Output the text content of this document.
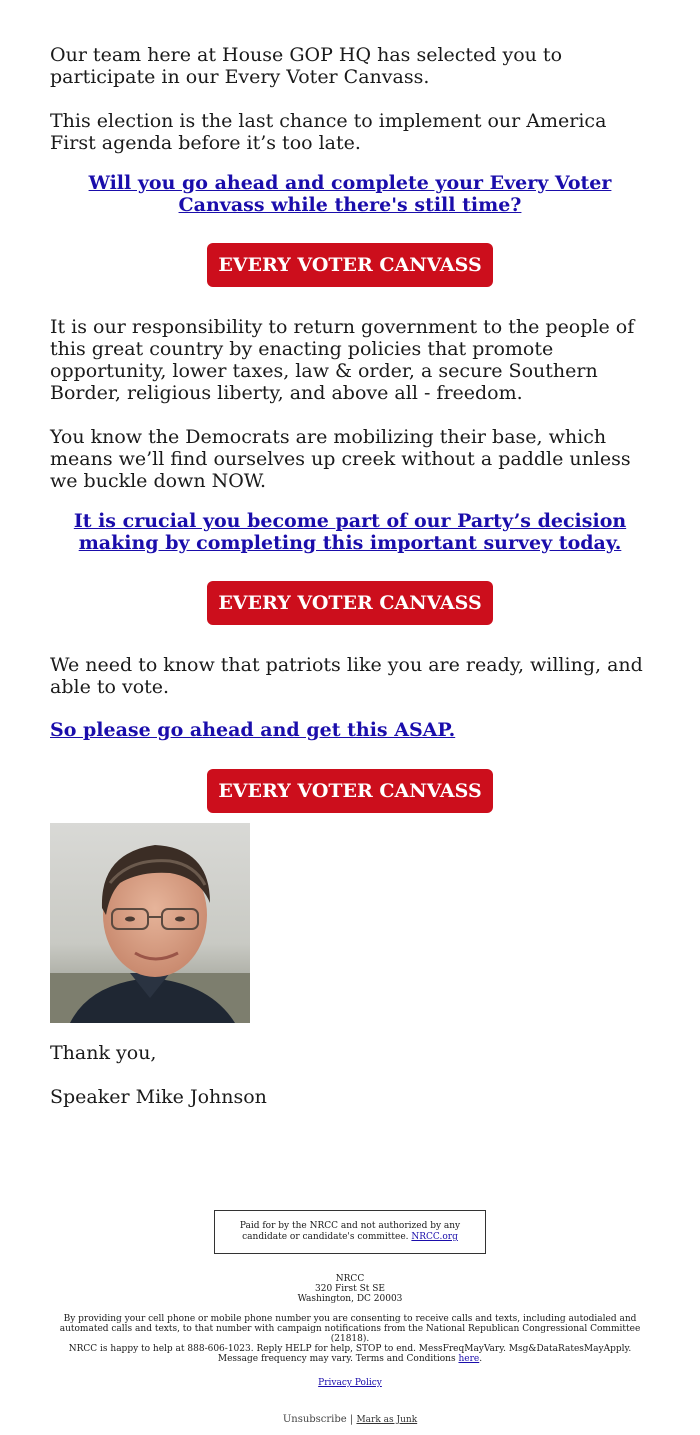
Our team here at House GOP HQ has selected you to participate in our Every Voter Canvass.

This election is the last chance to implement our America First agenda before it’s too late.

Will you go ahead and complete your Every Voter Canvass while there's still time?
EVERY VOTER CANVASS

It is our responsibility to return government to the people of this great country by enacting policies that promote opportunity, lower taxes, law & order, a secure Southern Border, religious liberty, and above all - freedom.

You know the Democrats are mobilizing their base, which means we’ll find ourselves up creek without a paddle unless we buckle down NOW.

It is crucial you become part of our Party’s decision making by completing this important survey today.
EVERY VOTER CANVASS

We need to know that patriots like you are ready, willing, and able to vote.

So please go ahead and get this ASAP.
EVERY VOTER CANVASS

Thank you,

Speaker Mike Johnson

Paid for by the NRCC and not authorized by any candidate or candidate's committee. NRCC.org
NRCC
320 First St SE
Washington, DC 20003
By providing your cell phone or mobile phone number you are consenting to receive calls and texts, including autodialed and automated calls and texts, to that number with campaign notifications from the National Republican Congressional Committee (21818).
NRCC is happy to help at 888-606-1023. Reply HELP for help, STOP to end. MessFreqMayVary. Msg&DataRatesMayApply. Message frequency may vary. Terms and Conditions here.
Privacy Policy
Unsubscribe | Mark as Junk
